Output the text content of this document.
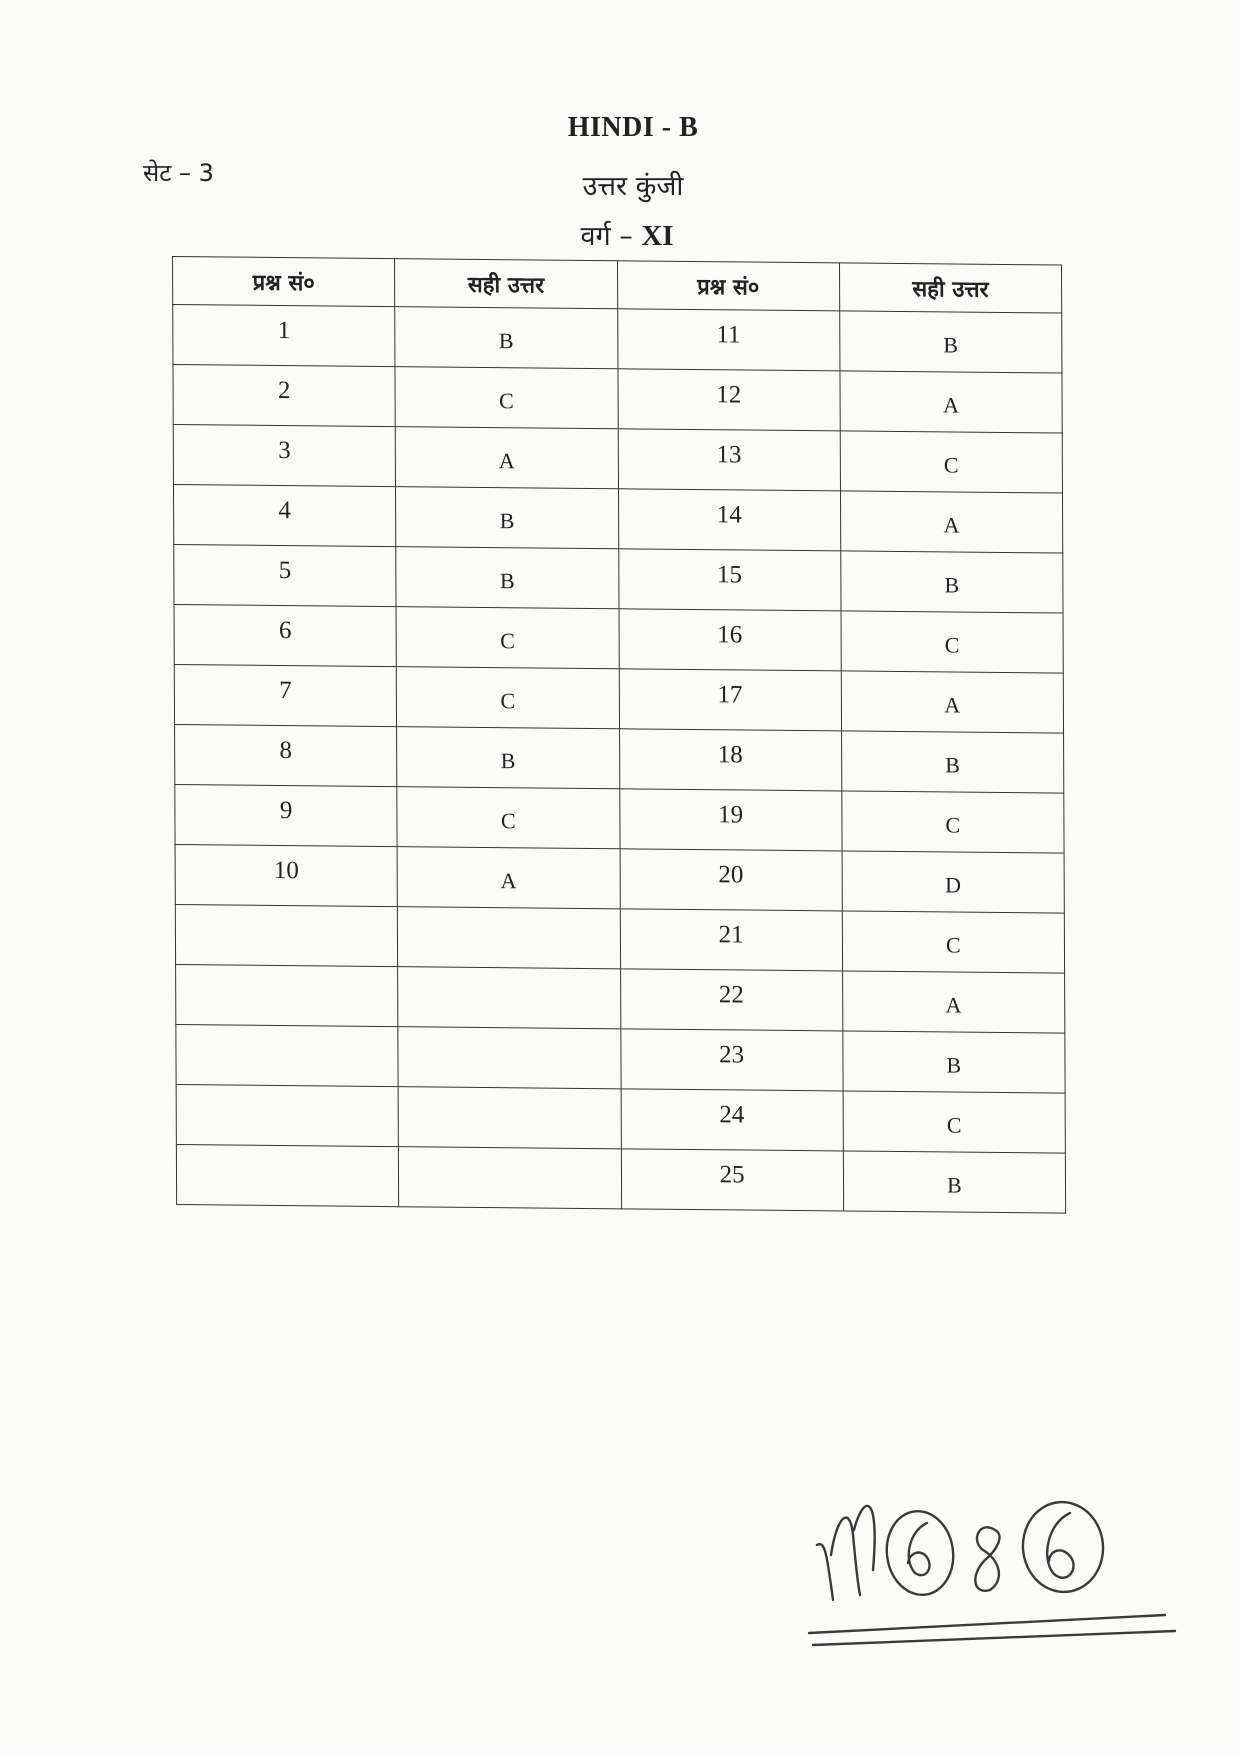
HINDI - B
सेट – 3	उत्तर कुंजी
वर्ग – XI
प्रश्न सं०	सही उत्तर	प्रश्न सं०	सही उत्तर
1	B	11	B
2	C	12	A
3	A	13	C
4	B	14	A
5	B	15	B
6	C	16	C
7	C	17	A
8	B	18	B
9	C	19	C
10	A	20	D
		21	C
		22	A
		23	B
		24	C
		25	B
